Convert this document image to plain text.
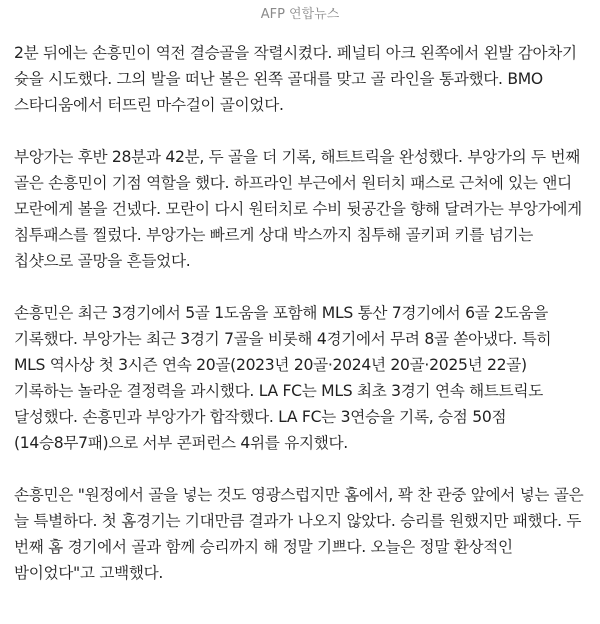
AFP 연합뉴스

2분 뒤에는 손흥민이 역전 결승골을 작렬시켰다. 페널티 아크 왼쪽에서 왼발 감아차기 슛을 시도했다. 그의 발을 떠난 볼은 왼쪽 골대를 맞고 골 라인을 통과했다. BMO 스타디움에서 터뜨린 마수걸이 골이었다.

부앙가는 후반 28분과 42분, 두 골을 더 기록, 해트트릭을 완성했다. 부앙가의 두 번째 골은 손흥민이 기점 역할을 했다. 하프라인 부근에서 원터치 패스로 근처에 있는 앤디 모란에게 볼을 건넸다. 모란이 다시 원터치로 수비 뒷공간을 향해 달려가는 부앙가에게 침투패스를 찔렀다. 부앙가는 빠르게 상대 박스까지 침투해 골키퍼 키를 넘기는 칩샷으로 골망을 흔들었다.

손흥민은 최근 3경기에서 5골 1도움을 포함해 MLS 통산 7경기에서 6골 2도움을 기록했다. 부앙가는 최근 3경기 7골을 비롯해 4경기에서 무려 8골 쏟아냈다. 특히 MLS 역사상 첫 3시즌 연속 20골(2023년 20골·2024년 20골·2025년 22골) 기록하는 놀라운 결정력을 과시했다. LA FC는 MLS 최초 3경기 연속 해트트릭도 달성했다. 손흥민과 부앙가가 합작했다. LA FC는 3연승을 기록, 승점 50점(14승8무7패)으로 서부 콘퍼런스 4위를 유지했다.

손흥민은 "원정에서 골을 넣는 것도 영광스럽지만 홈에서, 꽉 찬 관중 앞에서 넣는 골은 늘 특별하다. 첫 홈경기는 기대만큼 결과가 나오지 않았다. 승리를 원했지만 패했다. 두 번째 홈 경기에서 골과 함께 승리까지 해 정말 기쁘다. 오늘은 정말 환상적인 밤이었다"고 고백했다.
